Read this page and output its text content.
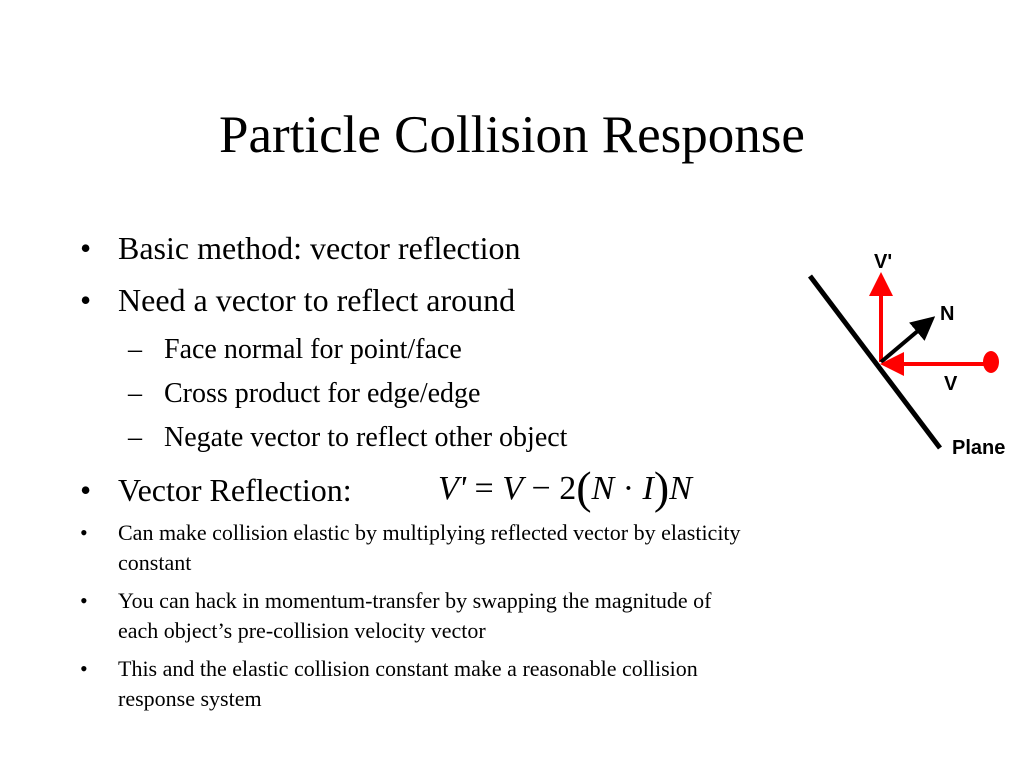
Particle Collision Response
• Basic method: vector reflection
• Need a vector to reflect around
– Face normal for point/face
– Cross product for edge/edge
– Negate vector to reflect other object
• Vector Reflection:	V' = V − 2(N · I)N
• Can make collision elastic by multiplying reflected vector by elasticity
constant
• You can hack in momentum-transfer by swapping the magnitude of
each object’s pre-collision velocity vector
• This and the elastic collision constant make a reasonable collision
response system
V'
N
V
Plane
